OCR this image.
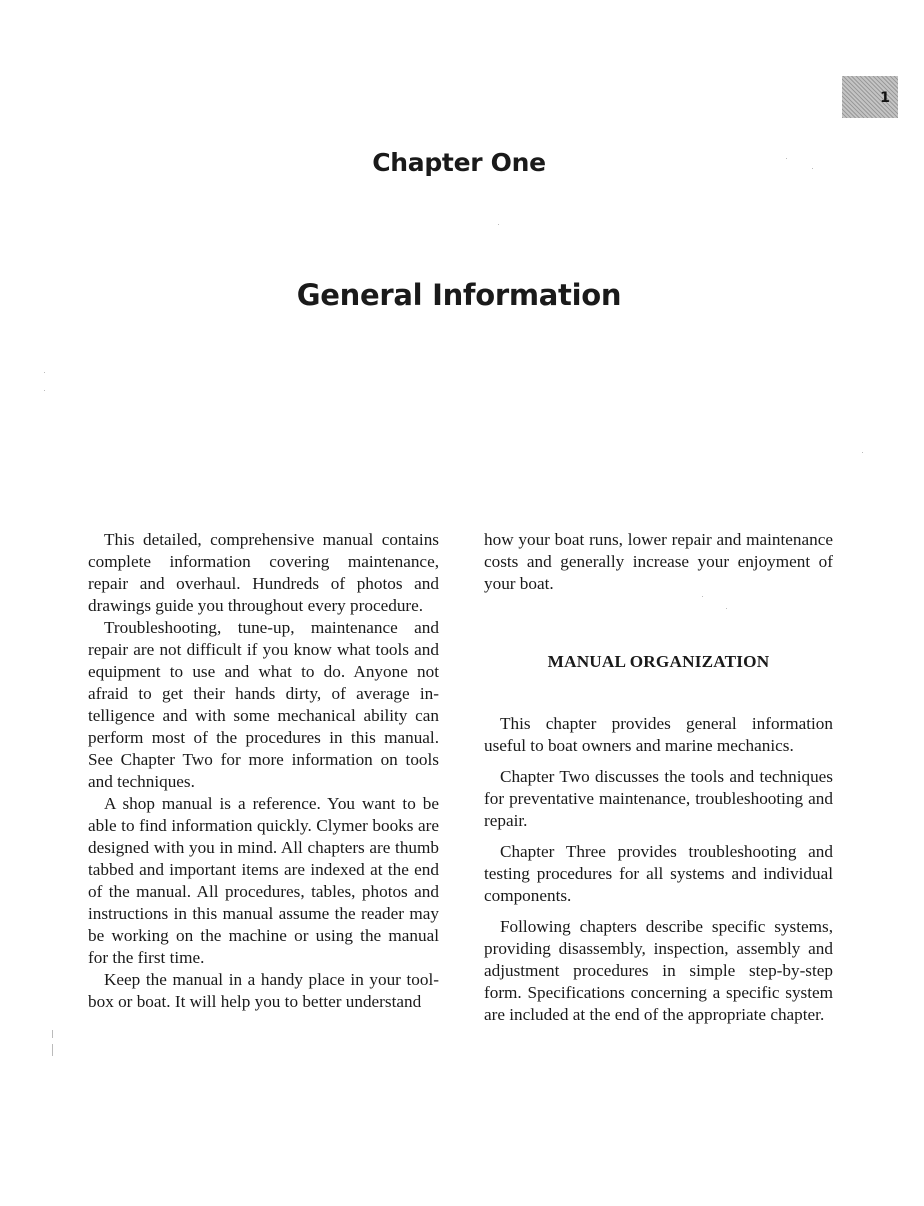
1
Chapter One
General Information

This detailed, comprehensive manual contains complete information covering maintenance, repair and overhaul. Hundreds of photos and drawings guide you throughout every procedure.

Troubleshooting, tune-up, maintenance and repair are not difficult if you know what tools and equipment to use and what to do. Anyone not afraid to get their hands dirty, of average intelligence and with some mechanical ability can perform most of the procedures in this manual. See Chapter Two for more information on tools and techniques.

A shop manual is a reference. You want to be able to find information quickly. Clymer books are designed with you in mind. All chapters are thumb tabbed and important items are indexed at the end of the manual. All procedures, tables, photos and instructions in this manual assume the reader may be working on the machine or using the manual for the first time.

Keep the manual in a handy place in your toolbox or boat. It will help you to better understand

how your boat runs, lower repair and maintenance costs and generally increase your enjoyment of your boat.

MANUAL ORGANIZATION

This chapter provides general information useful to boat owners and marine mechanics.

Chapter Two discusses the tools and techniques for preventative maintenance, troubleshooting and repair.

Chapter Three provides troubleshooting and testing procedures for all systems and individual components.

Following chapters describe specific systems, providing disassembly, inspection, assembly and adjustment procedures in simple step-by-step form. Specifications concerning a specific system are included at the end of the appropriate chapter.
